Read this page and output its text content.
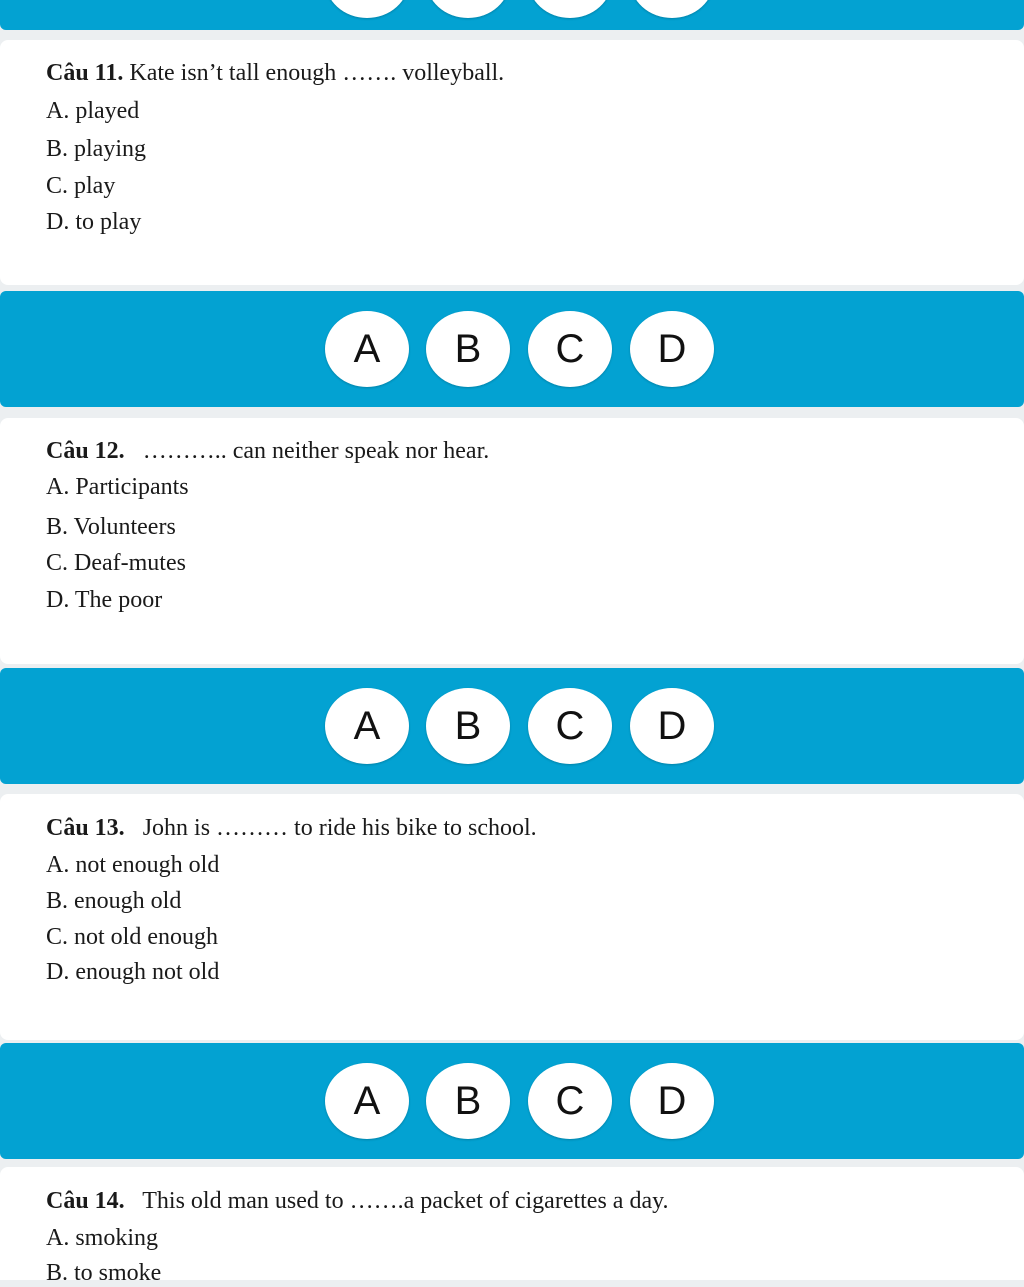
Câu 11. Kate isn’t tall enough ……. volleyball.
A. played
B. playing
C. play
D. to play
A	B	C	D
Câu 12. ……….. can neither speak nor hear.
A. Participants
B. Volunteers
C. Deaf-mutes
D. The poor
A	B	C	D
Câu 13. John is ……… to ride his bike to school.
A. not enough old
B. enough old
C. not old enough
D. enough not old
A	B	C	D
Câu 14. This old man used to …….a packet of cigarettes a day.
A. smoking
B. to smoke
